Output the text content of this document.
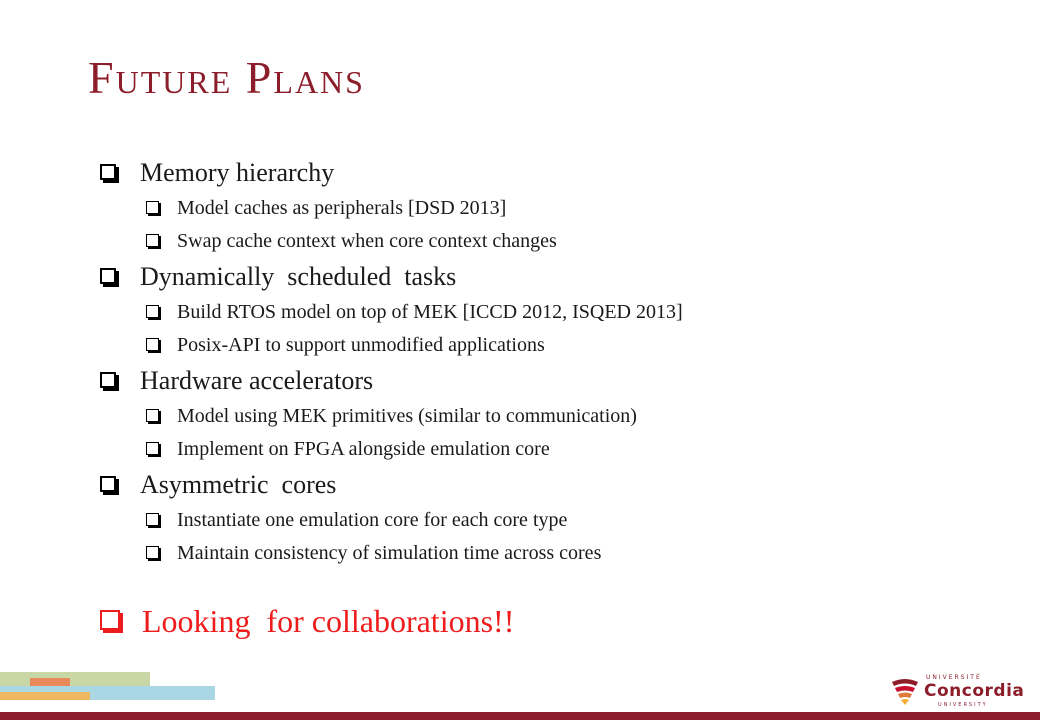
Future Plans
Memory hierarchy
Model caches as peripherals [DSD 2013]
Swap cache context when core context changes
Dynamically  scheduled  tasks
Build RTOS model on top of MEK [ICCD 2012, ISQED 2013]
Posix-API to support unmodified applications
Hardware accelerators
Model using MEK primitives (similar to communication)
Implement on FPGA alongside emulation core
Asymmetric  cores
Instantiate one emulation core for each core type
Maintain consistency of simulation time across cores
Looking  for collaborations!!
UNIVERSITÉ
Concordia
UNIVERSITY
